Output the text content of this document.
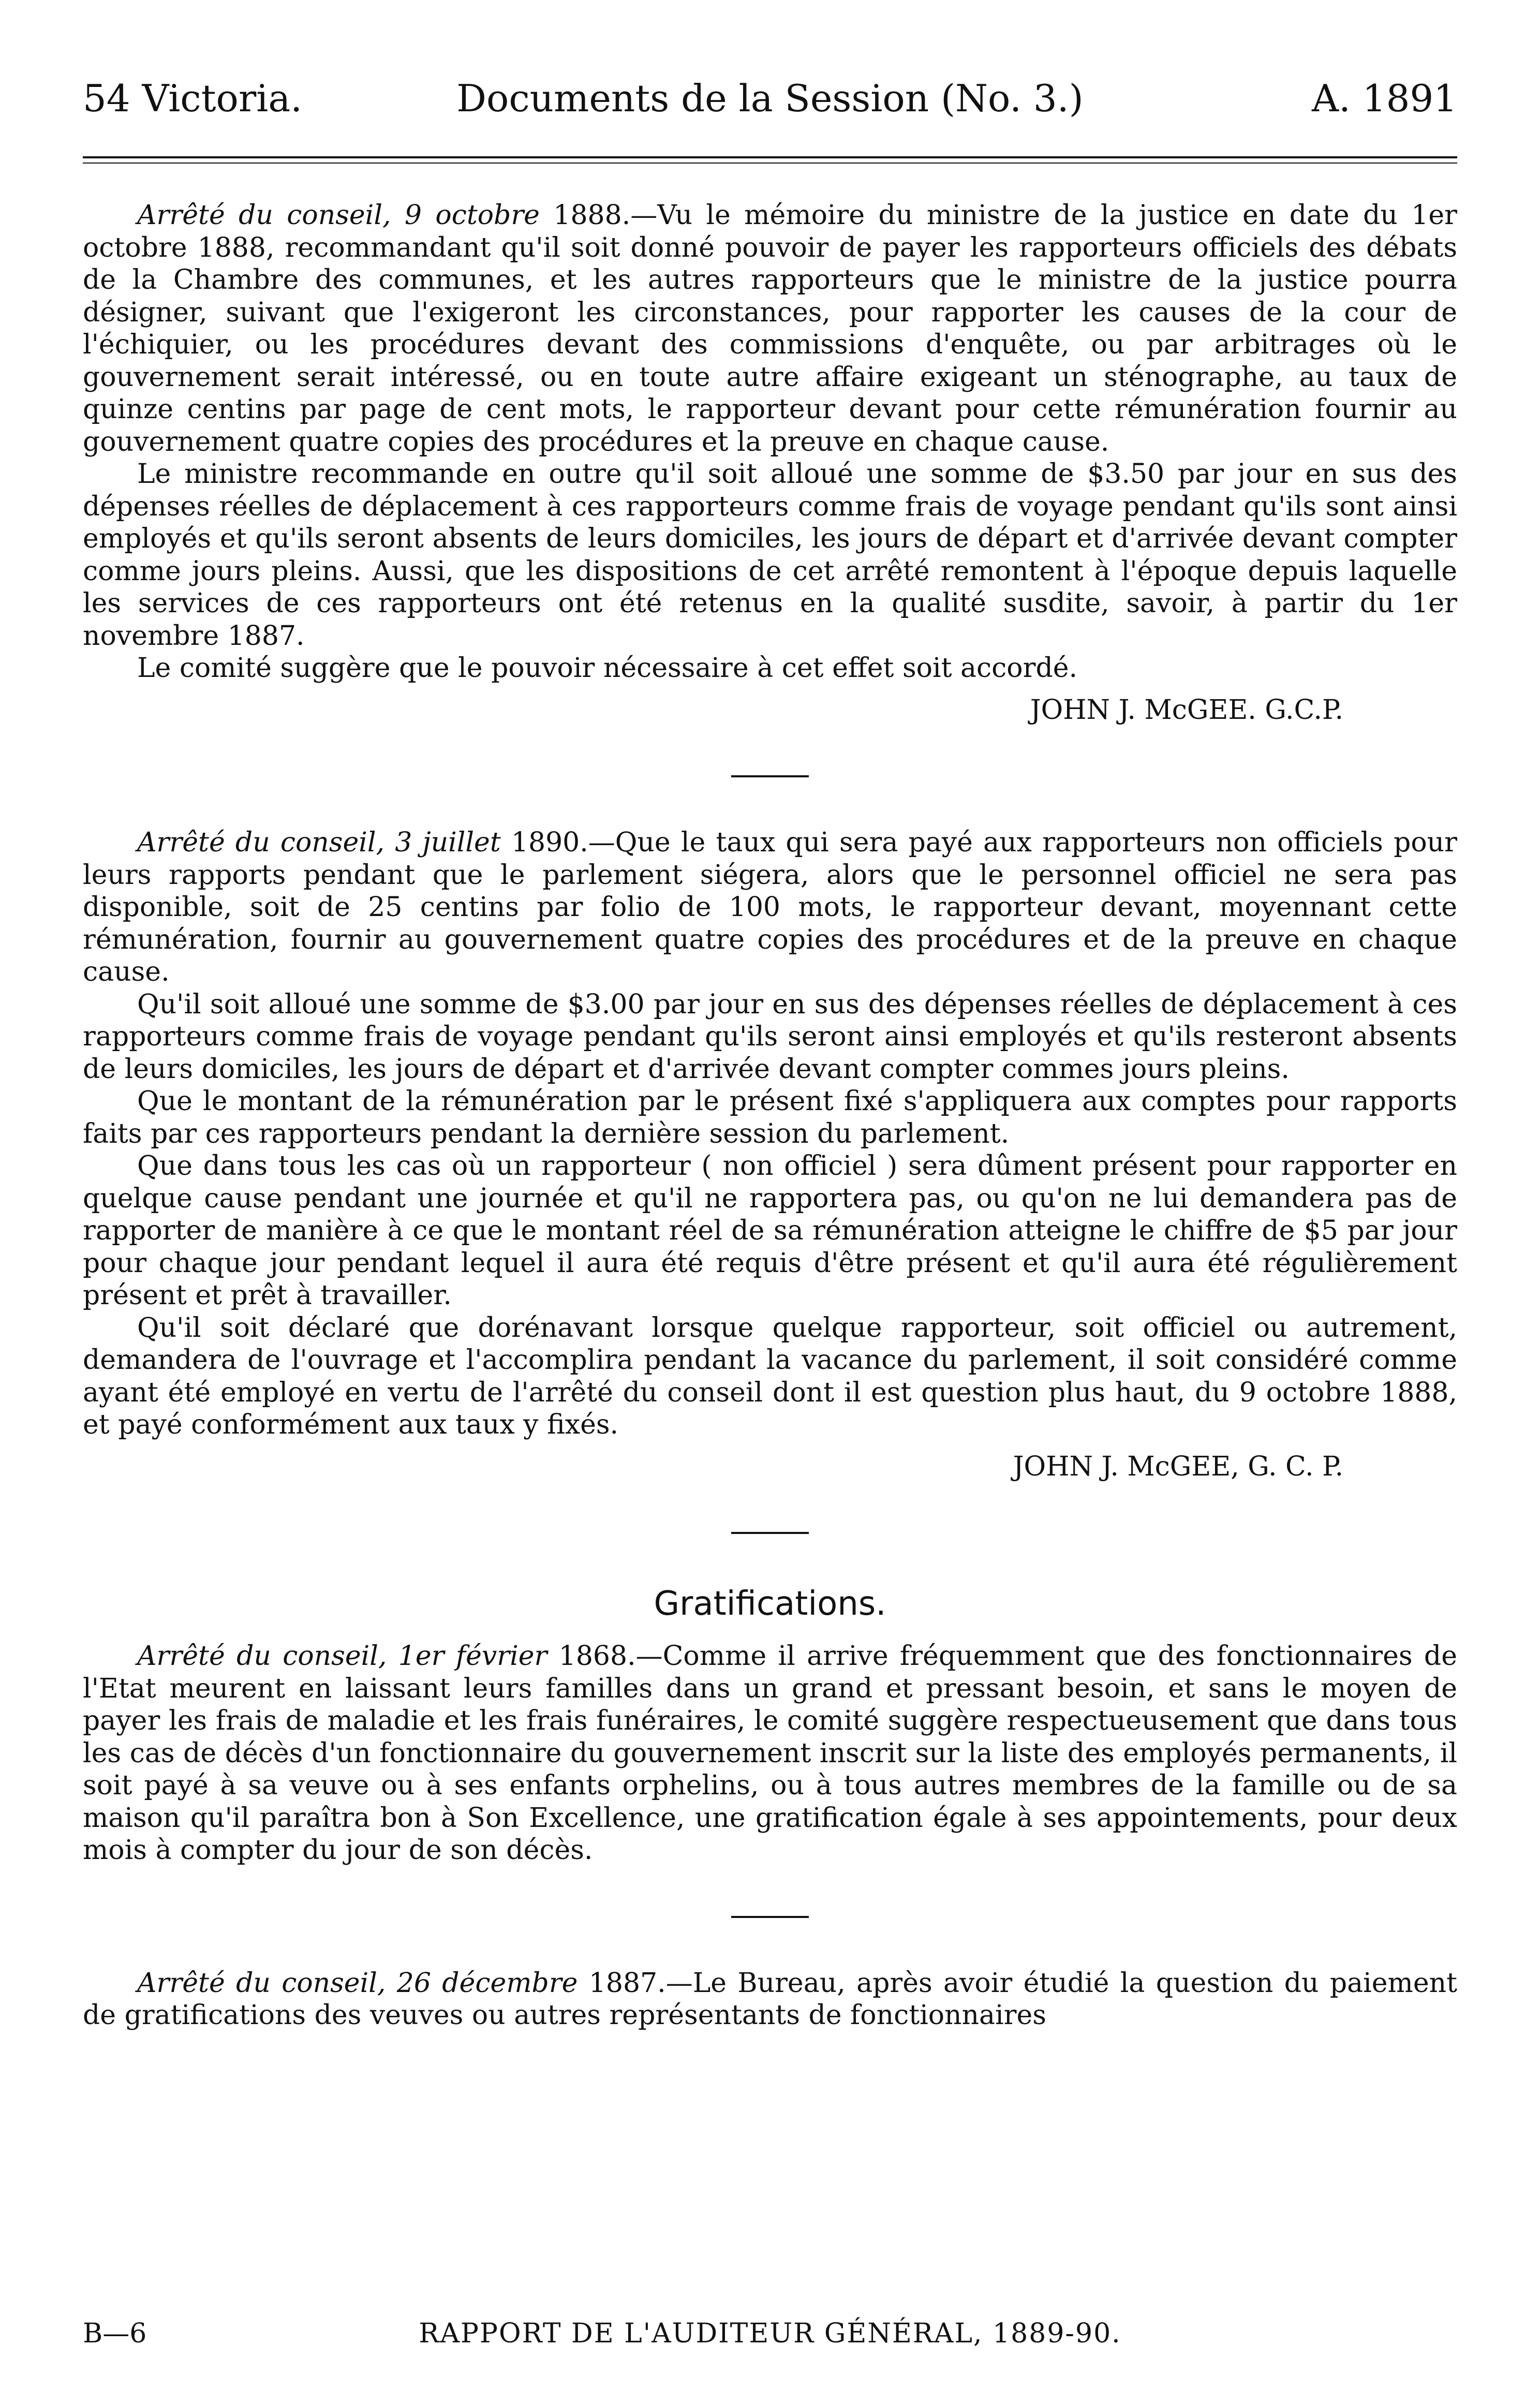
54 Victoria.	Documents de la Session (No. 3.)	A. 1891

Arrêté du conseil, 9 octobre 1888.—Vu le mémoire du ministre de la justice en date du 1er octobre 1888, recommandant qu'il soit donné pouvoir de payer les rapporteurs officiels des débats de la Chambre des communes, et les autres rapporteurs que le ministre de la justice pourra désigner, suivant que l'exigeront les circonstances, pour rapporter les causes de la cour de l'échiquier, ou les procédures devant des commissions d'enquête, ou par arbitrages où le gouvernement serait intéressé, ou en toute autre affaire exigeant un sténographe, au taux de quinze centins par page de cent mots, le rapporteur devant pour cette rémunération fournir au gouvernement quatre copies des procédures et la preuve en chaque cause.

Le ministre recommande en outre qu'il soit alloué une somme de $3.50 par jour en sus des dépenses réelles de déplacement à ces rapporteurs comme frais de voyage pendant qu'ils sont ainsi employés et qu'ils seront absents de leurs domiciles, les jours de départ et d'arrivée devant compter comme jours pleins. Aussi, que les dispositions de cet arrêté remontent à l'époque depuis laquelle les services de ces rapporteurs ont été retenus en la qualité susdite, savoir, à partir du 1er novembre 1887.

Le comité suggère que le pouvoir nécessaire à cet effet soit accordé.

JOHN J. McGEE. G.C.P.

Arrêté du conseil, 3 juillet 1890.—Que le taux qui sera payé aux rapporteurs non officiels pour leurs rapports pendant que le parlement siégera, alors que le personnel officiel ne sera pas disponible, soit de 25 centins par folio de 100 mots, le rapporteur devant, moyennant cette rémunération, fournir au gouvernement quatre copies des procédures et de la preuve en chaque cause.

Qu'il soit alloué une somme de $3.00 par jour en sus des dépenses réelles de déplacement à ces rapporteurs comme frais de voyage pendant qu'ils seront ainsi employés et qu'ils resteront absents de leurs domiciles, les jours de départ et d'arrivée devant compter commes jours pleins.

Que le montant de la rémunération par le présent fixé s'appliquera aux comptes pour rapports faits par ces rapporteurs pendant la dernière session du parlement.

Que dans tous les cas où un rapporteur ( non officiel ) sera dûment présent pour rapporter en quelque cause pendant une journée et qu'il ne rapportera pas, ou qu'on ne lui demandera pas de rapporter de manière à ce que le montant réel de sa rémunération atteigne le chiffre de $5 par jour pour chaque jour pendant lequel il aura été requis d'être présent et qu'il aura été régulièrement présent et prêt à travailler.

Qu'il soit déclaré que dorénavant lorsque quelque rapporteur, soit officiel ou autrement, demandera de l'ouvrage et l'accomplira pendant la vacance du parlement, il soit considéré comme ayant été employé en vertu de l'arrêté du conseil dont il est question plus haut, du 9 octobre 1888, et payé conformément aux taux y fixés.

JOHN J. McGEE, G. C. P.
Gratifications.

Arrêté du conseil, 1er février 1868.—Comme il arrive fréquemment que des fonctionnaires de l'Etat meurent en laissant leurs familles dans un grand et pressant besoin, et sans le moyen de payer les frais de maladie et les frais funéraires, le comité suggère respectueusement que dans tous les cas de décès d'un fonctionnaire du gouvernement inscrit sur la liste des employés permanents, il soit payé à sa veuve ou à ses enfants orphelins, ou à tous autres membres de la famille ou de sa maison qu'il paraîtra bon à Son Excellence, une gratification égale à ses appointements, pour deux mois à compter du jour de son décès.

Arrêté du conseil, 26 décembre 1887.—Le Bureau, après avoir étudié la question du paiement de gratifications des veuves ou autres représentants de fonctionnaires

B—6	RAPPORT DE L'AUDITEUR GÉNÉRAL, 1889-90.
